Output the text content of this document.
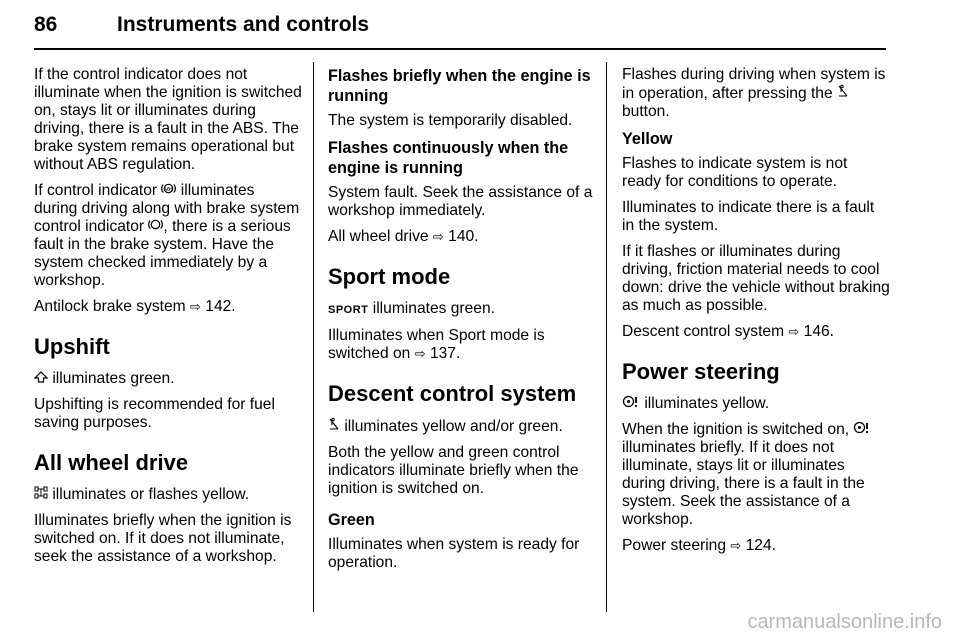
86	Instruments and controls

If the control indicator does not illuminate when the ignition is switched on, stays lit or illuminates during driving, there is a fault in the ABS. The brake system remains operational but without ABS regulation.

If control indicator ABS illuminates during driving along with brake system control indicator , there is a serious fault in the brake system. Have the system checked immediately by a workshop.

Antilock brake system ⇨ 142.

Upshift

illuminates green.

Upshifting is recommended for fuel saving purposes.

All wheel drive

illuminates or flashes yellow.

Illuminates briefly when the ignition is switched on. If it does not illuminate, seek the assistance of a workshop.

Flashes briefly when the engine is running

The system is temporarily disabled.

Flashes continuously when the engine is running

System fault. Seek the assistance of a workshop immediately.

All wheel drive ⇨ 140.

Sport mode

SPORT illuminates green.

Illuminates when Sport mode is switched on ⇨ 137.

Descent control system

illuminates yellow and/or green.

Both the yellow and green control indicators illuminate briefly when the ignition is switched on.

Green

Illuminates when system is ready for operation.

Flashes during driving when system is in operation, after pressing the  button.

Yellow

Flashes to indicate system is not ready for conditions to operate.

Illuminates to indicate there is a fault in the system.

If it flashes or illuminates during driving, friction material needs to cool down: drive the vehicle without braking as much as possible.

Descent control system ⇨ 146.

Power steering

illuminates yellow.

When the ignition is switched on,  illuminates briefly. If it does not illuminate, stays lit or illuminates during driving, there is a fault in the system. Seek the assistance of a workshop.

Power steering ⇨ 124.

carmanualsonline.info
